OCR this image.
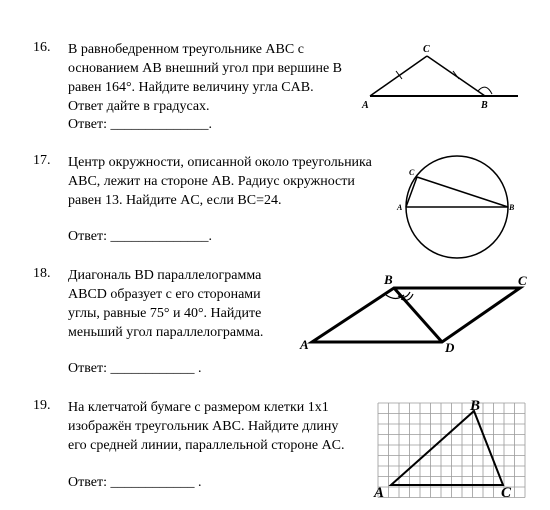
16. В равнобедренном треугольнике ABC с
основанием AB внешний угол при вершине B
равен 164°. Найдите величину угла CAB.
Ответ дайте в градусах.
Ответ: ______________.
C
A	B
17. Центр окружности, описанной около треугольника
ABC, лежит на стороне AB. Радиус окружности
равен 13. Найдите AC, если BC=24.
Ответ: ______________.
C
A	B
18. Диагональ BD параллелограмма
ABCD образует с его сторонами
углы, равные 75° и 40°. Найдите
меньший угол параллелограмма.
Ответ: ____________ .
B	C
A	D
19. На клетчатой бумаге с размером клетки 1x1
изображён треугольник ABC. Найдите длину
его средней линии, параллельной стороне AC.
Ответ: ____________ .
A
B
C
